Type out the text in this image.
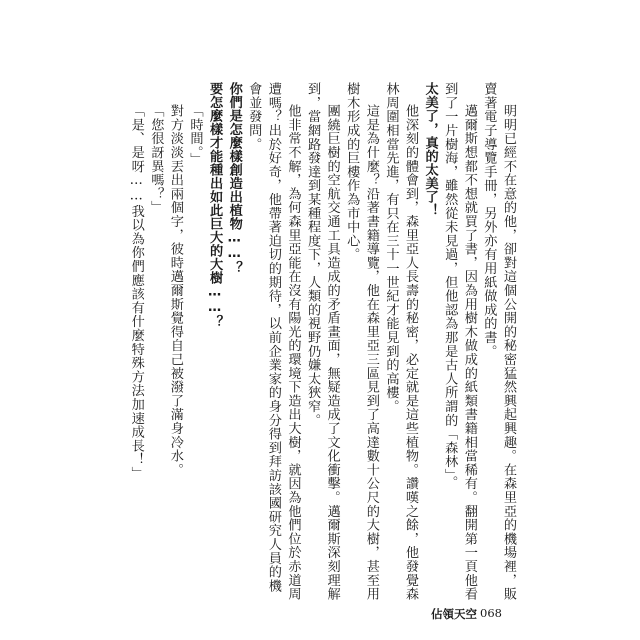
明明已經不在意的他，卻對這個公開的秘密猛然興起興趣。在森里亞的機場裡，販賣著電子導覽手冊，另外亦有用紙做成的書。

邁爾斯想都不想就買了書，因為用樹木做成的紙類書籍相當稀有。翻開第一頁他看到了一片樹海，雖然從未見過，但他認為那是古人所謂的「森林」。

太美了，真的太美了！

他深刻的體會到，森里亞人長壽的秘密，必定就是這些植物。讚嘆之餘，他發覺森林周圍相當先進，有只在三十一世紀才能見到的高樓。

這是為什麼？沿著書籍導覽，他在森里亞三區見到了高達數十公尺的大樹，甚至用樹木形成的巨樓作為市中心。

團繞巨樹的空航交通工具造成的矛盾畫面，無疑造成了文化衝擊。邁爾斯深刻理解到，當網路發達到某種程度下，人類的視野仍嫌太狹窄。

他非常不解，為何森里亞能在沒有陽光的環境下造出大樹，就因為他們位於赤道周遭嗎？出於好奇，他帶著迫切的期待，以前企業家的身分得到拜訪該國研究人員的機會並發問。

你們是怎麼樣創造出植物……？

要怎麼樣才能種出如此巨大的大樹……？

「時間。」

對方淡淡丟出兩個字，彼時邁爾斯覺得自己被潑了滿身冷水。

「您很訝異嗎？」

「是、是呀……我以為你們應該有什麼特殊方法加速成長！」

佔領天空 068
